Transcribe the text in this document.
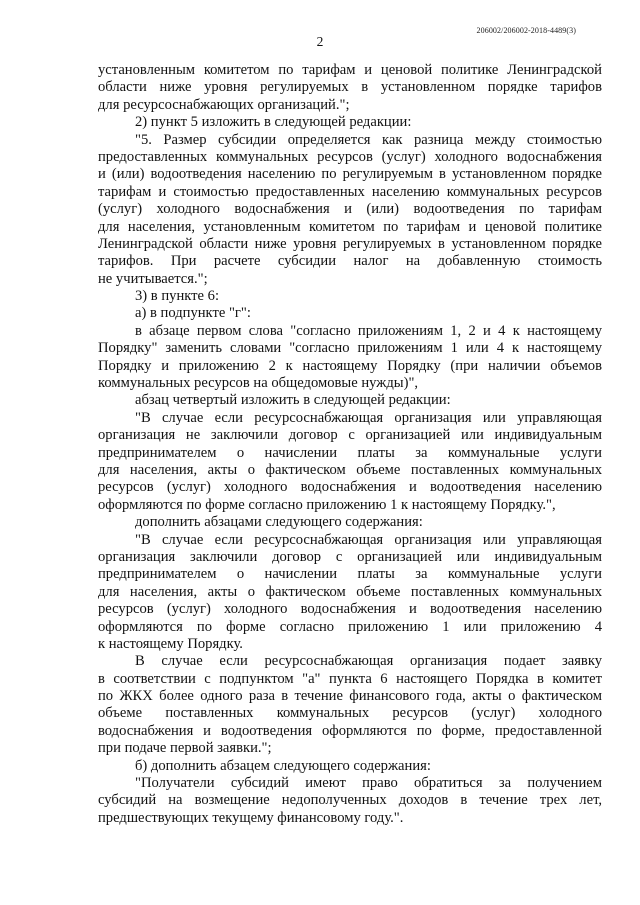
206002/206002-2018-4489(3)
2
установленным комитетом по тарифам и ценовой политике Ленинградской
области ниже уровня регулируемых в установленном порядке тарифов
для ресурсоснабжающих организаций.";
2) пункт 5 изложить в следующей редакции:
"5. Размер субсидии определяется как разница между стоимостью
предоставленных коммунальных ресурсов (услуг) холодного водоснабжения
и (или) водоотведения населению по регулируемым в установленном порядке
тарифам и стоимостью предоставленных населению коммунальных ресурсов
(услуг) холодного водоснабжения и (или) водоотведения по тарифам
для населения, установленным комитетом по тарифам и ценовой политике
Ленинградской области ниже уровня регулируемых в установленном порядке
тарифов. При расчете субсидии налог на добавленную стоимость
не учитывается.";
3) в пункте 6:
а) в подпункте "г":
в абзаце первом слова "согласно приложениям 1, 2 и 4 к настоящему
Порядку" заменить словами "согласно приложениям 1 или 4 к настоящему
Порядку и приложению 2 к настоящему Порядку (при наличии объемов
коммунальных ресурсов на общедомовые нужды)",
абзац четвертый изложить в следующей редакции:
"В случае если ресурсоснабжающая организация или управляющая
организация не заключили договор с организацией или индивидуальным
предпринимателем о начислении платы за коммунальные услуги
для населения, акты о фактическом объеме поставленных коммунальных
ресурсов (услуг) холодного водоснабжения и водоотведения населению
оформляются по форме согласно приложению 1 к настоящему Порядку.",
дополнить абзацами следующего содержания:
"В случае если ресурсоснабжающая организация или управляющая
организация заключили договор с организацией или индивидуальным
предпринимателем о начислении платы за коммунальные услуги
для населения, акты о фактическом объеме поставленных коммунальных
ресурсов (услуг) холодного водоснабжения и водоотведения населению
оформляются по форме согласно приложению 1 или приложению 4
к настоящему Порядку.
В случае если ресурсоснабжающая организация подает заявку
в соответствии с подпунктом "а" пункта 6 настоящего Порядка в комитет
по ЖКХ более одного раза в течение финансового года, акты о фактическом
объеме поставленных коммунальных ресурсов (услуг) холодного
водоснабжения и водоотведения оформляются по форме, предоставленной
при подаче первой заявки.";
б) дополнить абзацем следующего содержания:
"Получатели субсидий имеют право обратиться за получением
субсидий на возмещение недополученных доходов в течение трех лет,
предшествующих текущему финансовому году.".
